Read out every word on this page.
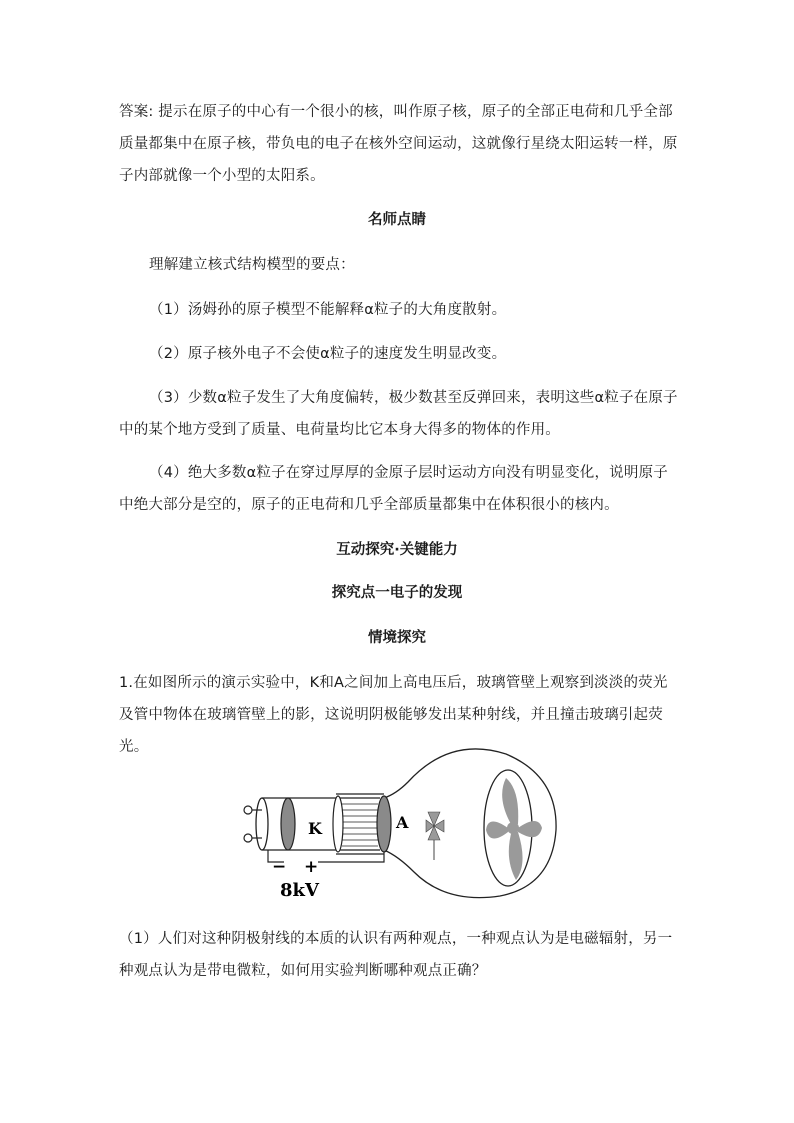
答案: 提示在原子的中心有一个很小的核，叫作原子核，原子的全部正电荷和几乎全部质量都集中在原子核，带负电的电子在核外空间运动，这就像行星绕太阳运转一样，原子内部就像一个小型的太阳系。

名师点睛

理解建立核式结构模型的要点：

（1）汤姆孙的原子模型不能解释α粒子的大角度散射。

（2）原子核外电子不会使α粒子的速度发生明显改变。

（3）少数α粒子发生了大角度偏转，极少数甚至反弹回来，表明这些α粒子在原子中的某个地方受到了质量、电荷量均比它本身大得多的物体的作用。

（4）绝大多数α粒子在穿过厚厚的金原子层时运动方向没有明显变化，说明原子中绝大部分是空的，原子的正电荷和几乎全部质量都集中在体积很小的核内。

互动探究·关键能力

探究点一电子的发现

情境探究

1.在如图所示的演示实验中，K和A之间加上高电压后，玻璃管壁上观察到淡淡的荧光及管中物体在玻璃管壁上的影，这说明阴极能够发出某种射线，并且撞击玻璃引起荧光。

K	A
− +
8kV

（1）人们对这种阴极射线的本质的认识有两种观点，一种观点认为是电磁辐射，另一种观点认为是带电微粒，如何用实验判断哪种观点正确？
